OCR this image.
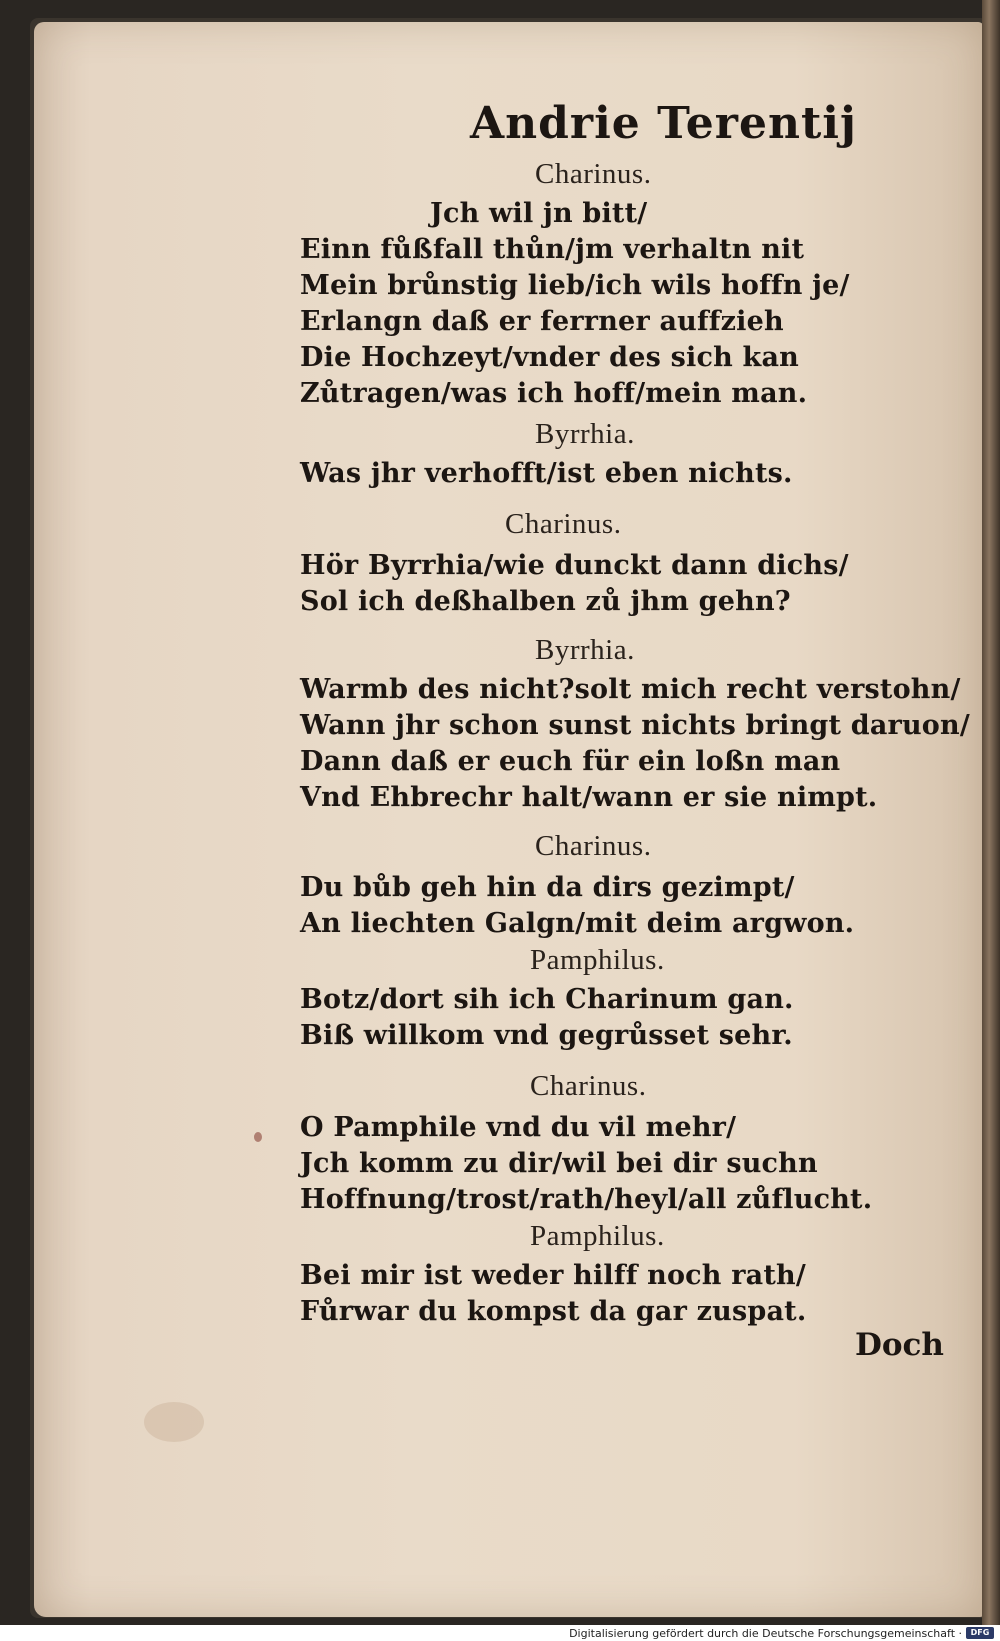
Andrie Terentij
Charinus.
Jch wil jn bitt/
Einn fůßfall thůn/jm verhaltn nit
Mein brůnstig lieb/ich wils hoffn je/
Erlangn daß er ferrner auffzieh
Die Hochzeyt/vnder des sich kan
Zůtragen/was ich hoff/mein man.
Byrrhia.
Was jhr verhofft/ist eben nichts.
Charinus.
Hör Byrrhia/wie dunckt dann dichs/
Sol ich deßhalben zů jhm gehn?
Byrrhia.
Warmb des nicht?solt mich recht verstohn/
Wann jhr schon sunst nichts bringt daruon/
Dann daß er euch für ein loßn man
Vnd Ehbrechr halt/wann er sie nimpt.
Charinus.
Du bůb geh hin da dirs gezimpt/
An liechten Galgn/mit deim argwon.
Pamphilus.
Botz/dort sih ich Charinum gan.
Biß willkom vnd gegrůsset sehr.
Charinus.
O Pamphile vnd du vil mehr/
Jch komm zu dir/wil bei dir suchn
Hoffnung/trost/rath/heyl/all zůflucht.
Pamphilus.
Bei mir ist weder hilff noch rath/
Fůrwar du kompst da gar zuspat.
Doch
Digitalisierung gefördert durch die Deutsche Forschungsgemeinschaft ·	DFG
